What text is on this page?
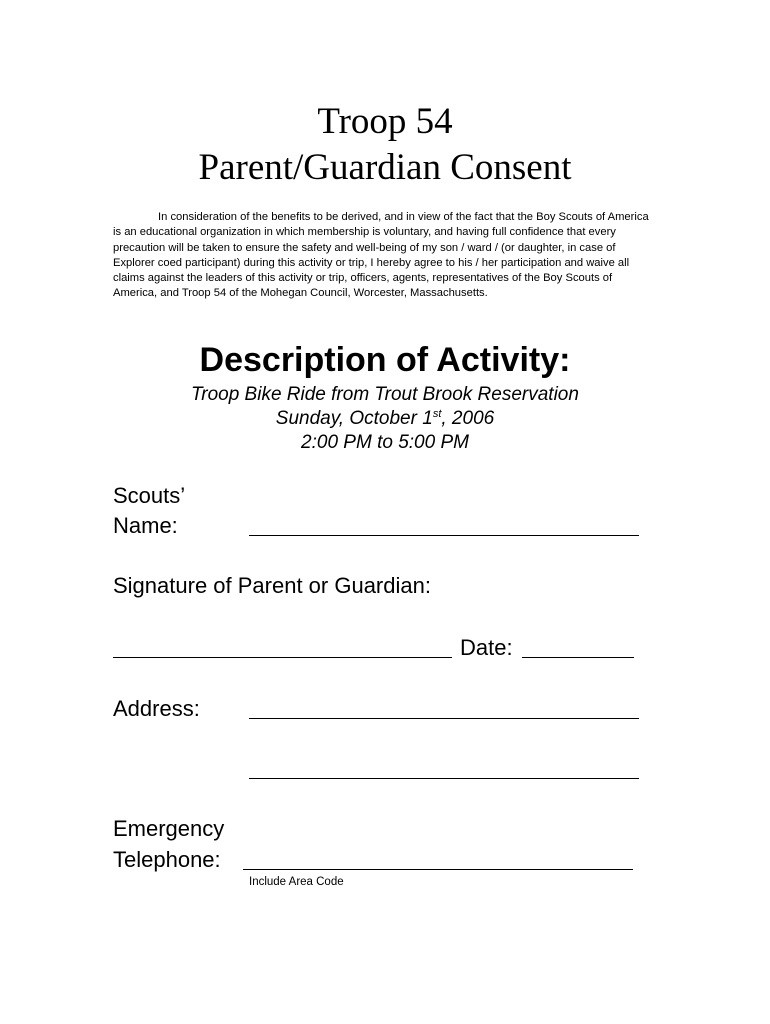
Troop 54
Parent/Guardian Consent

In consideration of the benefits to be derived, and in view of the fact that the Boy Scouts of America is an educational organization in which membership is voluntary, and having full confidence that every precaution will be taken to ensure the safety and well-being of my son / ward / (or daughter, in case of Explorer coed participant) during this activity or trip, I hereby agree to his / her participation and waive all claims against the leaders of this activity or trip, officers, agents, representatives of the Boy Scouts of America, and Troop 54 of the Mohegan Council, Worcester, Massachusetts.

Description of Activity:
Troop Bike Ride from Trout Brook Reservation
Sunday, October 1st, 2006
2:00 PM to 5:00 PM
Scouts’
Name:
Signature of Parent or Guardian:
Date:
Address:
Emergency
Telephone:
Include Area Code
